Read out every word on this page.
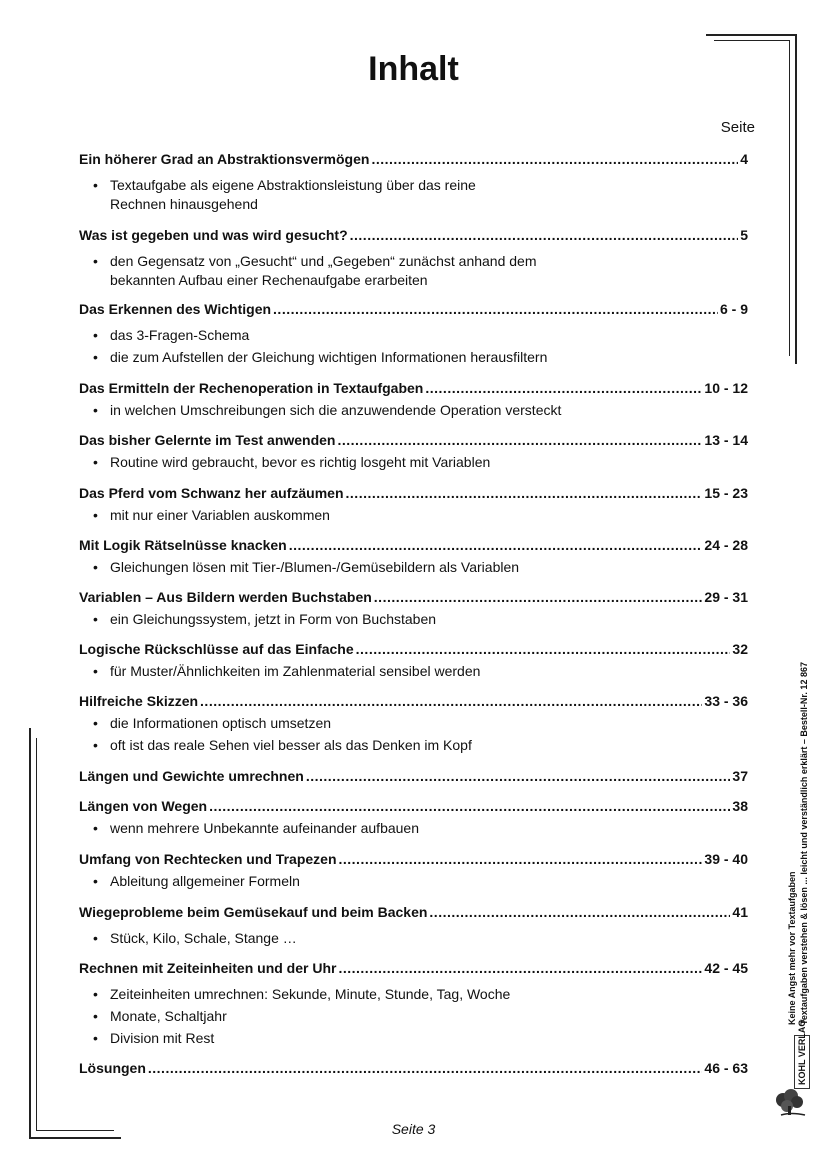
Inhalt
Seite
Ein höherer Grad an Abstraktionsvermögen .....	4
• Textaufgabe als eigene Abstraktionsleistung über das reine
Rechnen hinausgehend
Was ist gegeben und was wird gesucht? .....	5
• den Gegensatz von „Gesucht“ und „Gegeben“ zunächst anhand dem
bekannten Aufbau einer Rechenaufgabe erarbeiten
Das Erkennen des Wichtigen .....	6 - 9
• das 3-Fragen-Schema
• die zum Aufstellen der Gleichung wichtigen Informationen herausfiltern
Das Ermitteln der Rechenoperation in Textaufgaben .....	10 - 12
• in welchen Umschreibungen sich die anzuwendende Operation versteckt
Das bisher Gelernte im Test anwenden .....	13 - 14
• Routine wird gebraucht, bevor es richtig losgeht mit Variablen
Das Pferd vom Schwanz her aufzäumen .....	15 - 23
• mit nur einer Variablen auskommen
Mit Logik Rätselnüsse knacken .....	24 - 28
• Gleichungen lösen mit Tier-/Blumen-/Gemüsebildern als Variablen
Variablen – Aus Bildern werden Buchstaben .....	29 - 31
• ein Gleichungssystem, jetzt in Form von Buchstaben
Logische Rückschlüsse auf das Einfache .....	32
• für Muster/Ähnlichkeiten im Zahlenmaterial sensibel werden
Hilfreiche Skizzen .....	33 - 36
• die Informationen optisch umsetzen
• oft ist das reale Sehen viel besser als das Denken im Kopf
Längen und Gewichte umrechnen .....	37
Längen von Wegen .....	38
• wenn mehrere Unbekannte aufeinander aufbauen
Umfang von Rechtecken und Trapezen .....	39 - 40
• Ableitung allgemeiner Formeln
Wiegeprobleme beim Gemüsekauf und beim Backen .....	41
• Stück, Kilo, Schale, Stange …
Rechnen mit Zeiteinheiten und der Uhr .....	42 - 45
• Zeiteinheiten umrechnen: Sekunde, Minute, Stunde, Tag, Woche
• Monate, Schaltjahr
• Division mit Rest
Lösungen .....	46 - 63
Seite 3
Keine Angst mehr vor Textaufgaben Textaufgaben verstehen & lösen ... leicht und verständlich erklärt – Bestell-Nr. 12 867
KOHL VERLAG
